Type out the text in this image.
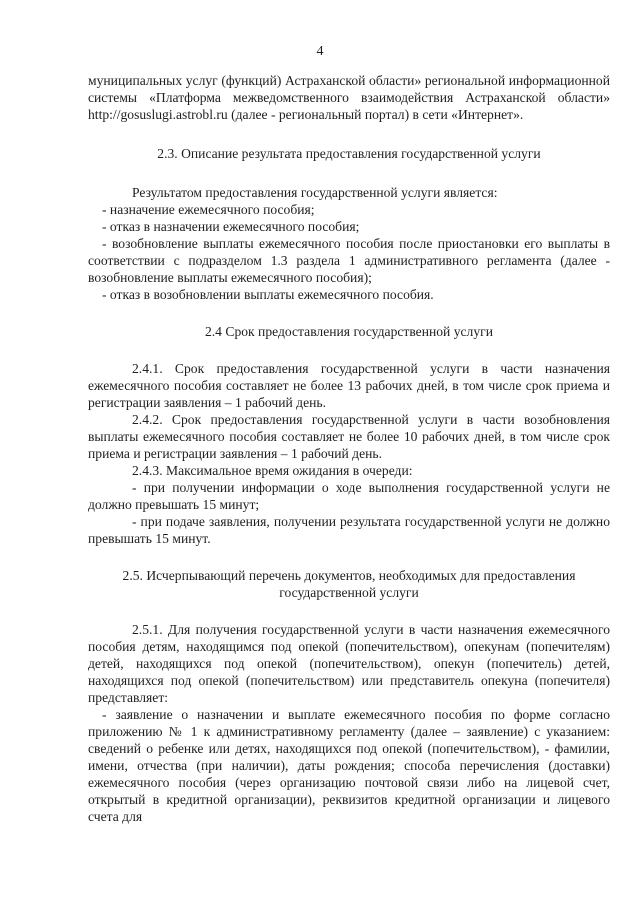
4

муниципальных услуг (функций) Астраханской области» региональной информационной системы «Платформа межведомственного взаимодействия Астраханской области» http://gosuslugi.astrobl.ru (далее - региональный портал) в сети «Интернет».

2.3. Описание результата предоставления государственной услуги

Результатом предоставления государственной услуги является:

- назначение ежемесячного пособия;

- отказ в назначении ежемесячного пособия;

- возобновление выплаты ежемесячного пособия после приостановки его выплаты в соответствии с подразделом 1.3 раздела 1 административного регламента (далее - возобновление выплаты ежемесячного пособия);

- отказ в возобновлении выплаты ежемесячного пособия.

2.4 Срок предоставления государственной услуги

2.4.1. Срок предоставления государственной услуги в части назначения ежемесячного пособия составляет не более 13 рабочих дней, в том числе срок приема и регистрации заявления – 1 рабочий день.

2.4.2. Срок предоставления государственной услуги в части возобновления выплаты ежемесячного пособия составляет не более 10 рабочих дней, в том числе срок приема и регистрации заявления – 1 рабочий день.

2.4.3. Максимальное время ожидания в очереди:

- при получении информации о ходе выполнения государственной услуги не должно превышать 15 минут;

- при подаче заявления, получении результата государственной услуги не должно превышать 15 минут.

2.5. Исчерпывающий перечень документов, необходимых для предоставления государственной услуги

2.5.1. Для получения государственной услуги в части назначения ежемесячного пособия детям, находящимся под опекой (попечительством), опекунам (попечителям) детей, находящихся под опекой (попечительством), опекун (попечитель) детей, находящихся под опекой (попечительством) или представитель опекуна (попечителя) представляет:

- заявление о назначении и выплате ежемесячного пособия по форме согласно приложению № 1 к административному регламенту (далее – заявление) с указанием: сведений о ребенке или детях, находящихся под опекой (попечительством), - фамилии, имени, отчества (при наличии), даты рождения; способа перечисления (доставки) ежемесячного пособия (через организацию почтовой связи либо на лицевой счет, открытый в кредитной организации), реквизитов кредитной организации и лицевого счета для
